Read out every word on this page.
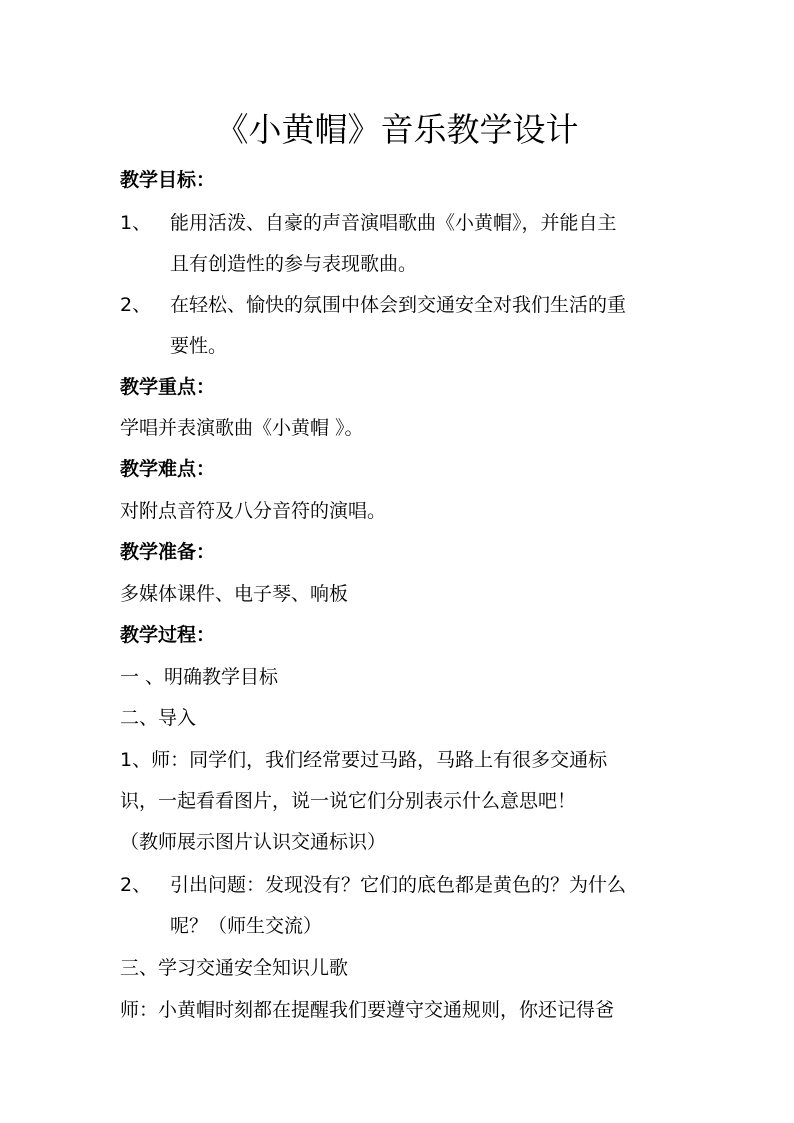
《小黄帽》音乐教学设计
教学目标：
1、 能用活泼、自豪的声音演唱歌曲《小黄帽》，并能自主
且有创造性的参与表现歌曲。
2、 在轻松、愉快的氛围中体会到交通安全对我们生活的重
要性。
教学重点：
学唱并表演歌曲《小黄帽 》。
教学难点：
对附点音符及八分音符的演唱。
教学准备：
多媒体课件、电子琴、响板
教学过程：
一 、明确教学目标
二、导入
1、师：同学们，我们经常要过马路，马路上有很多交通标
识，一起看看图片，说一说它们分别表示什么意思吧！
（教师展示图片认识交通标识）
2、 引出问题：发现没有？它们的底色都是黄色的？为什么
呢？（师生交流）
三、学习交通安全知识儿歌
师：小黄帽时刻都在提醒我们要遵守交通规则，你还记得爸
